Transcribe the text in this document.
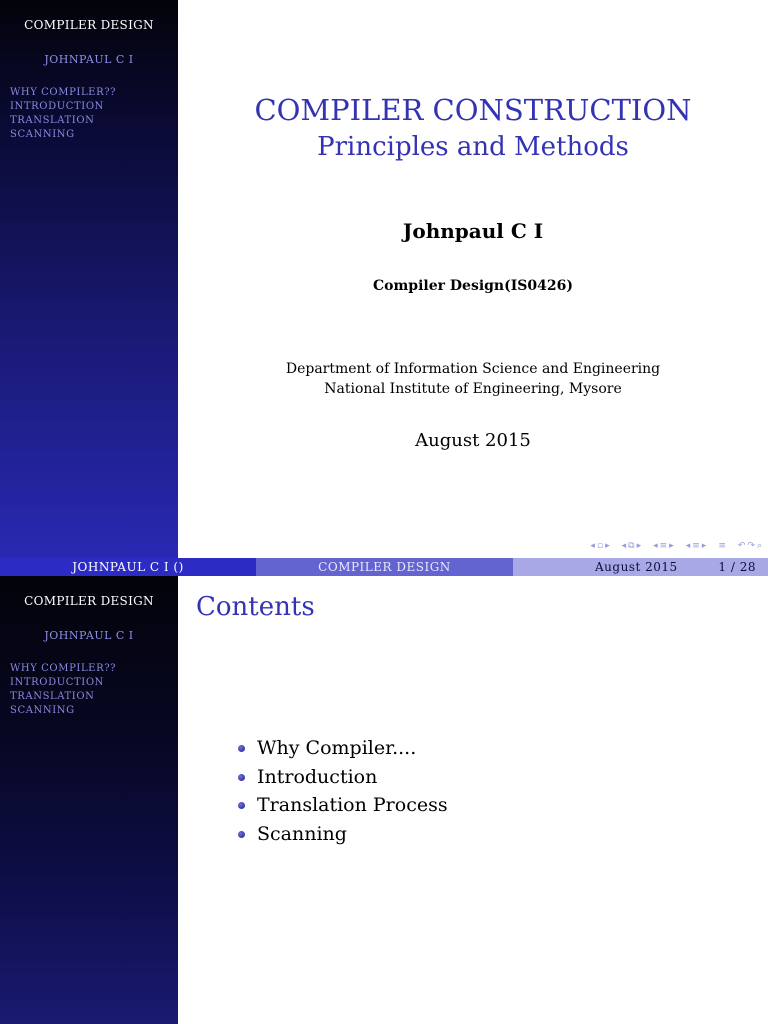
COMPILER DESIGN
JOHNPAUL C I
WHY COMPILER??
INTRODUCTION
TRANSLATION
SCANNING
COMPILER CONSTRUCTION
Principles and Methods
Johnpaul C I
Compiler Design(IS0426)
Department of Information Science and Engineering
National Institute of Engineering, Mysore
August 2015
◂ ▫ ▸ ◂ ⧉ ▸ ◂ ≡ ▸ ◂ ≡ ▸ ≡ ↶ ↷ ⌕
JOHNPAUL C I ()	COMPILER DESIGN	August 2015	1 / 28
COMPILER DESIGN
JOHNPAUL C I
WHY COMPILER??
INTRODUCTION
TRANSLATION
SCANNING
Contents
Why Compiler....
Introduction
Translation Process
Scanning
